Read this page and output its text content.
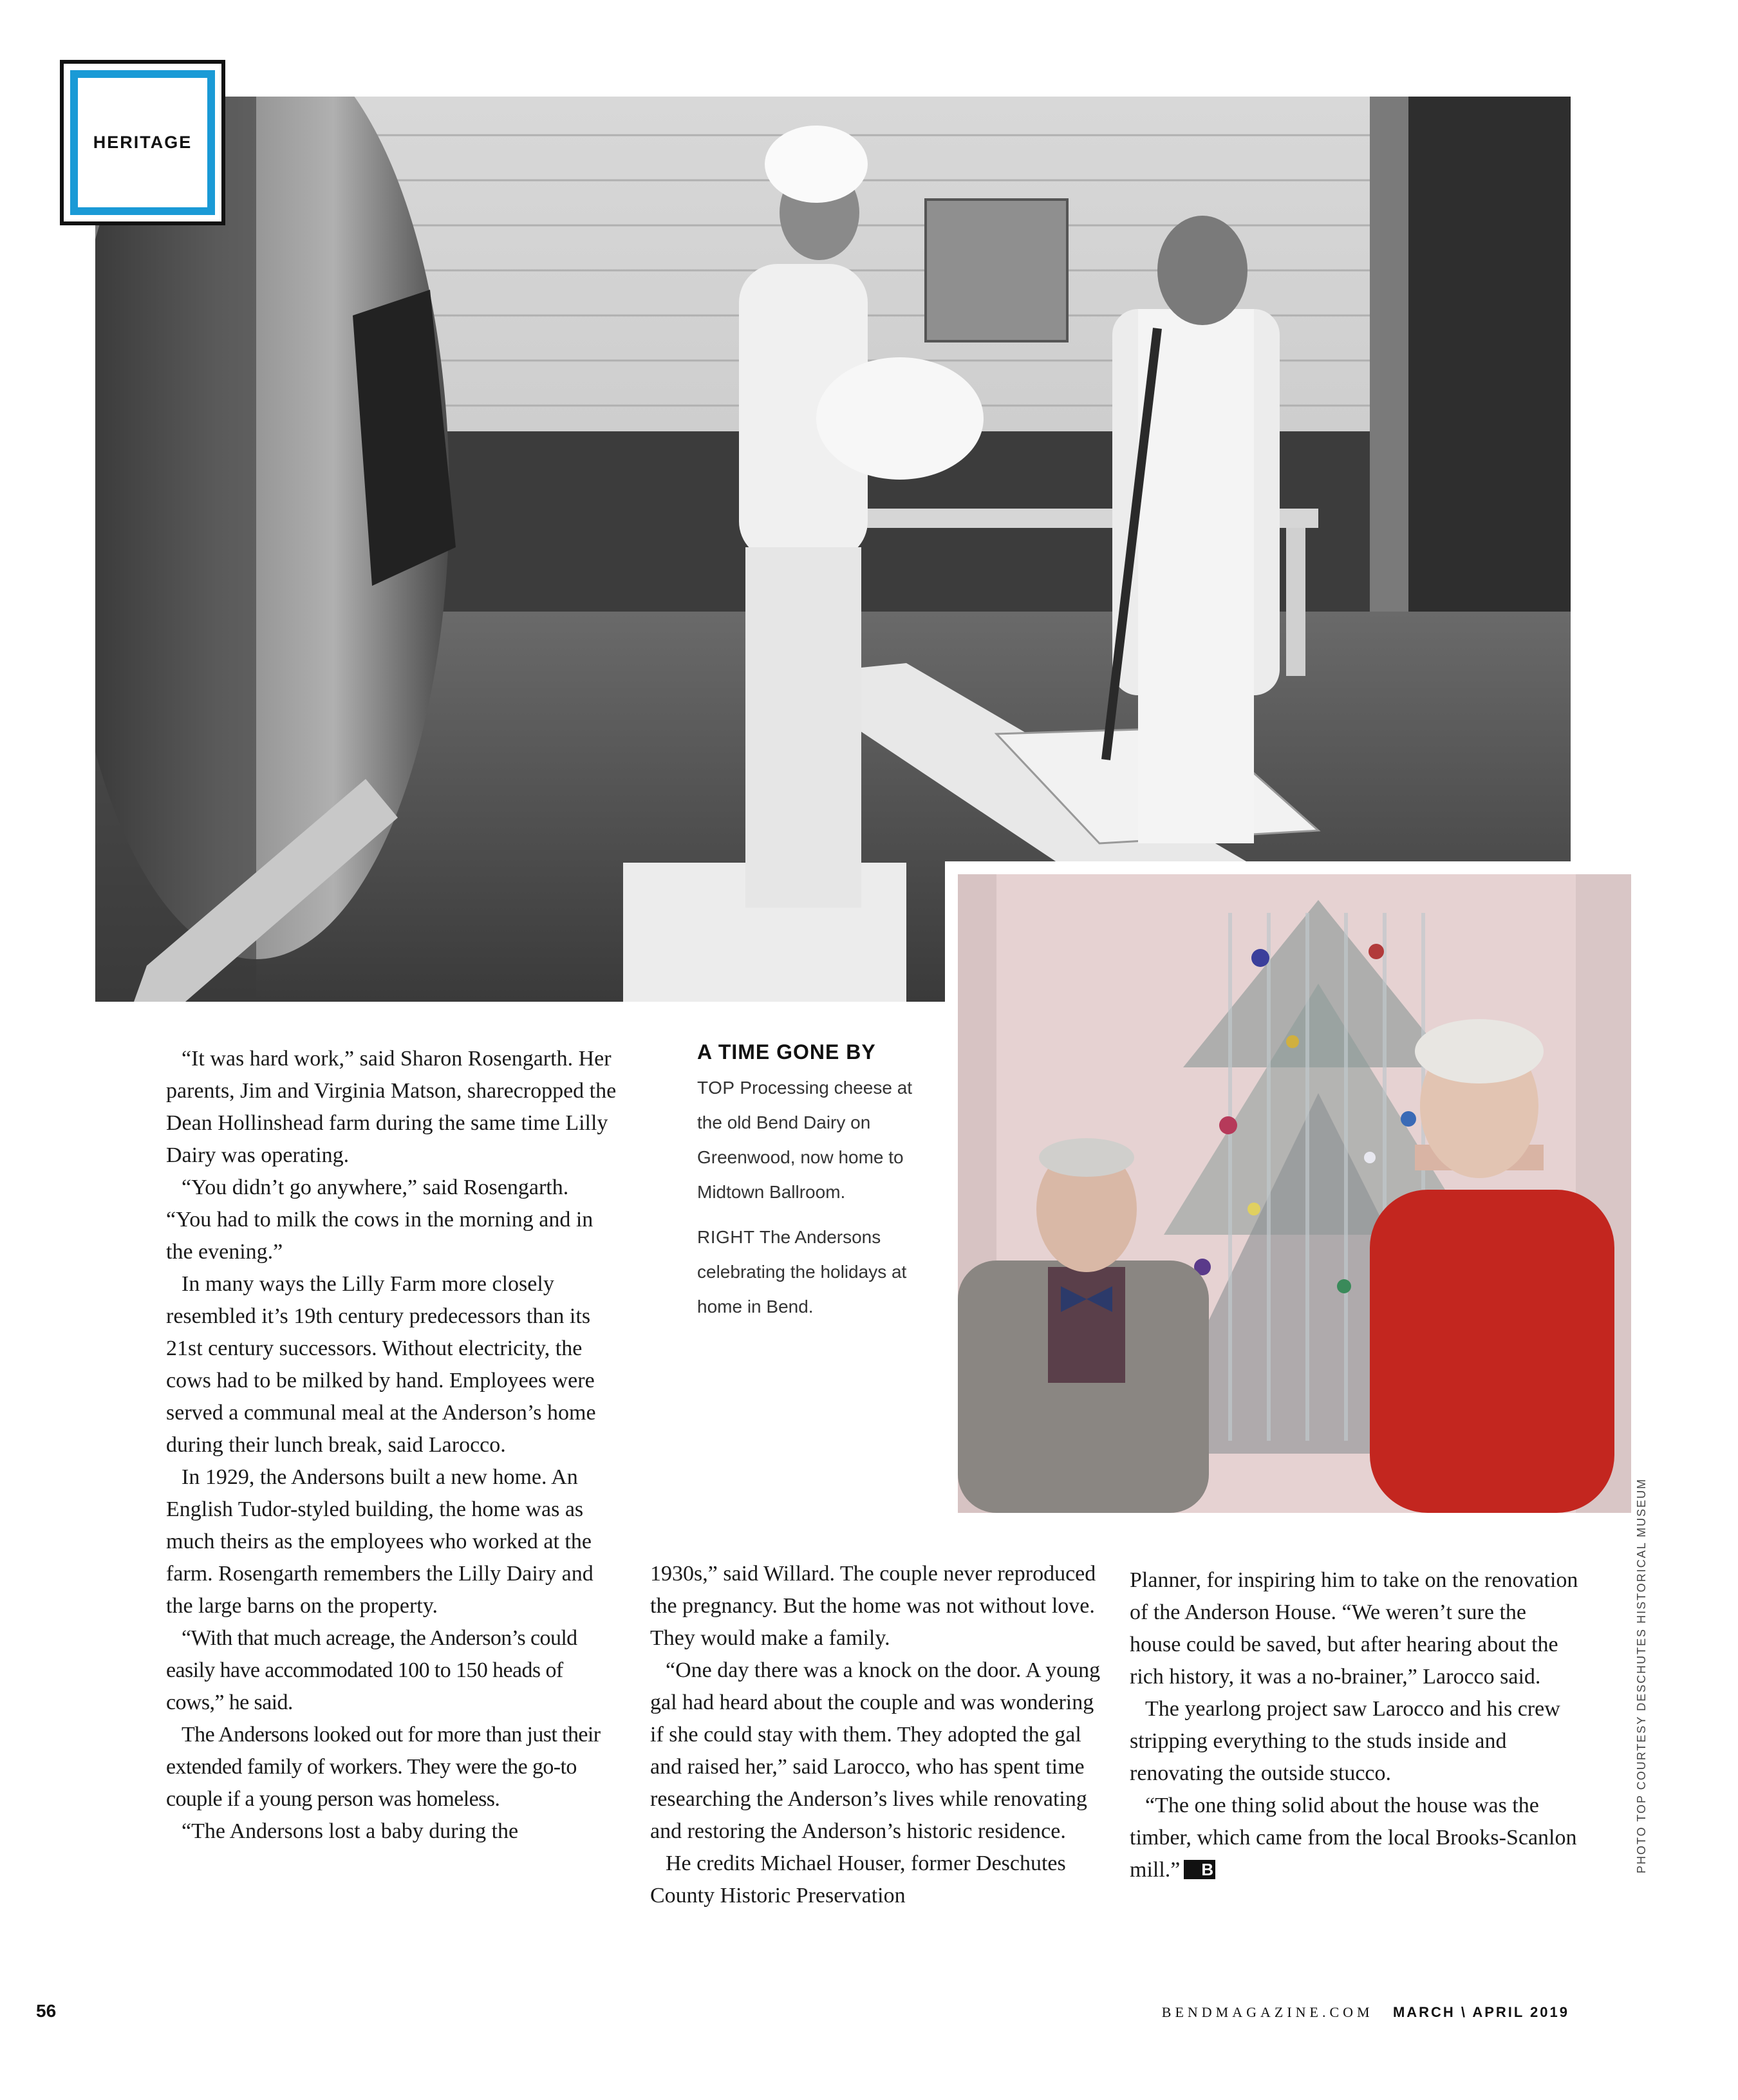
HERITAGE

“It was hard work,” said Sharon Rosengarth. Her parents, Jim and Virginia Matson, sharecropped the Dean Hollinshead farm during the same time Lilly Dairy was operating.

“You didn’t go anywhere,” said Rosengarth. “You had to milk the cows in the morning and in the evening.”

In many ways the Lilly Farm more closely resembled it’s 19th century predecessors than its 21st century successors. Without electricity, the cows had to be milked by hand. Employees were served a communal meal at the Anderson’s home during their lunch break, said Larocco.

In 1929, the Andersons built a new home. An English Tudor-styled building, the home was as much theirs as the employees who worked at the farm. Rosengarth remembers the Lilly Dairy and the large barns on the property.

“With that much acreage, the Anderson’s could easily have accommodated 100 to 150 heads of cows,” he said.

The Andersons looked out for more than just their extended family of workers. They were the go-to couple if a young person was homeless.

“The Andersons lost a baby during the

A TIME GONE BY

TOP Processing cheese at the old Bend Dairy on Greenwood, now home to Midtown Ballroom.

RIGHT The Andersons celebrating the holidays at home in Bend.

1930s,” said Willard. The couple never reproduced the pregnancy. But the home was not without love. They would make a family.

“One day there was a knock on the door. A young gal had heard about the couple and was wondering if she could stay with them. They adopted the gal and raised her,” said Larocco, who has spent time researching the Anderson’s lives while renovating and restoring the Anderson’s historic residence.

He credits Michael Houser, former Deschutes County Historic Preservation

Planner, for inspiring him to take on the renovation of the Anderson House. “We weren’t sure the house could be saved, but after hearing about the rich history, it was a no-brainer,” Larocco said.

The yearlong project saw Larocco and his crew stripping everything to the studs inside and renovating the outside stucco.

“The one thing solid about the house was the timber, which came from the local Brooks-Scanlon mill.” B	PHOTO TOP COURTESY DESCHUTES HISTORICAL MUSEUM
56	BENDMAGAZINE.COM MARCH \ APRIL 2019
